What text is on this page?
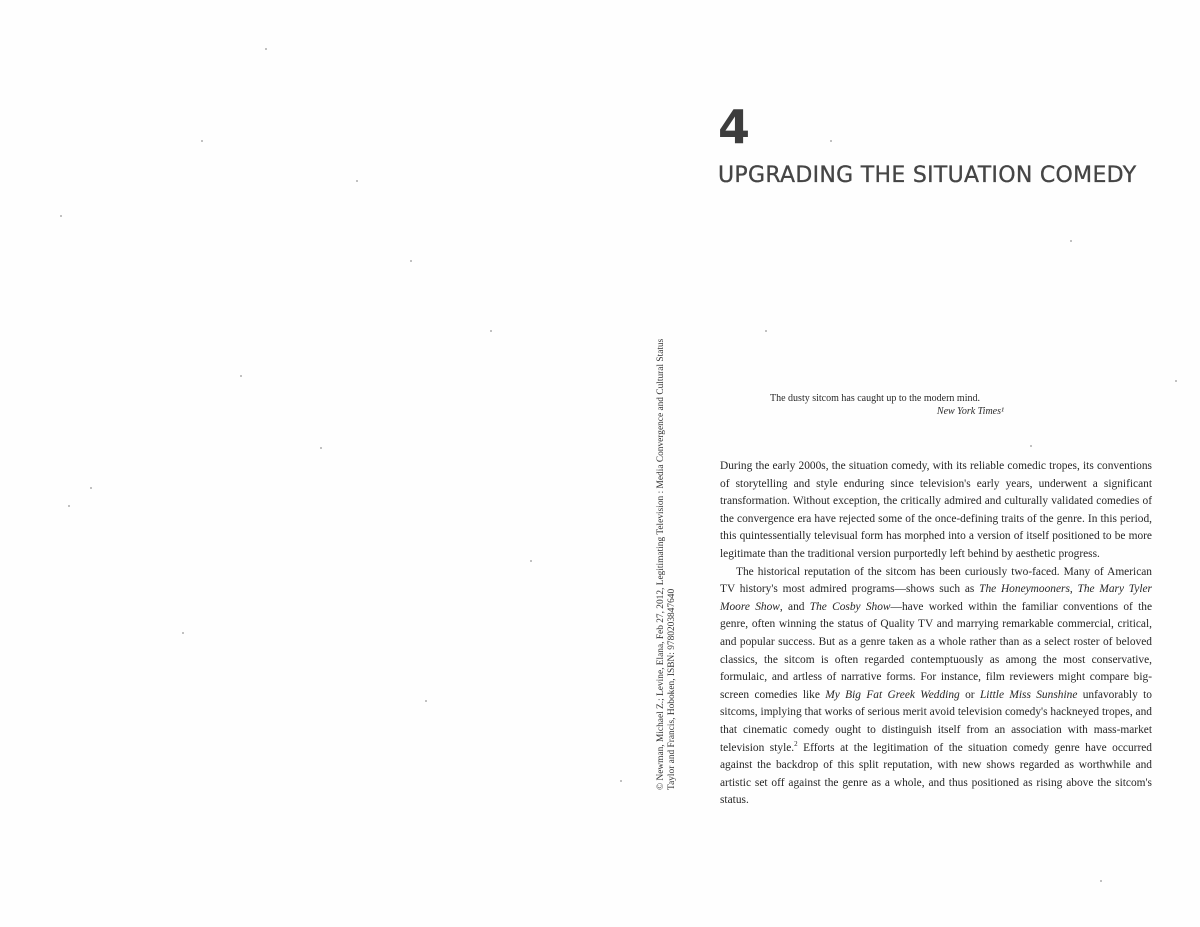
© Newman, Michael Z.; Levine, Elana, Feb 27, 2012, Legitimating Television : Media Convergence and Cultural Status Taylor and Francis, Hoboken, ISBN: 9780203847640
4
UPGRADING THE SITUATION COMEDY
The dusty sitcom has caught up to the modern mind.
New York Times¹

During the early 2000s, the situation comedy, with its reliable comedic tropes, its conventions of storytelling and style enduring since television's early years, underwent a significant transformation. Without exception, the critically admired and culturally validated comedies of the convergence era have rejected some of the once-defining traits of the genre. In this period, this quintessentially televisual form has morphed into a version of itself positioned to be more legitimate than the traditional version purportedly left behind by aesthetic progress.

The historical reputation of the sitcom has been curiously two-faced. Many of American TV history's most admired programs—shows such as The Honeymooners, The Mary Tyler Moore Show, and The Cosby Show—have worked within the familiar conventions of the genre, often winning the status of Quality TV and marrying remarkable commercial, critical, and popular success. But as a genre taken as a whole rather than as a select roster of beloved classics, the sitcom is often regarded contemptuously as among the most conservative, formulaic, and artless of narrative forms. For instance, film reviewers might compare big-screen comedies like My Big Fat Greek Wedding or Little Miss Sunshine unfavorably to sitcoms, implying that works of serious merit avoid television comedy's hackneyed tropes, and that cinematic comedy ought to distinguish itself from an association with mass-market television style.$^2$ Efforts at the legitimation of the situation comedy genre have occurred against the backdrop of this split reputation, with new shows regarded as worthwhile and artistic set off against the genre as a whole, and thus positioned as rising above the sitcom's status.
